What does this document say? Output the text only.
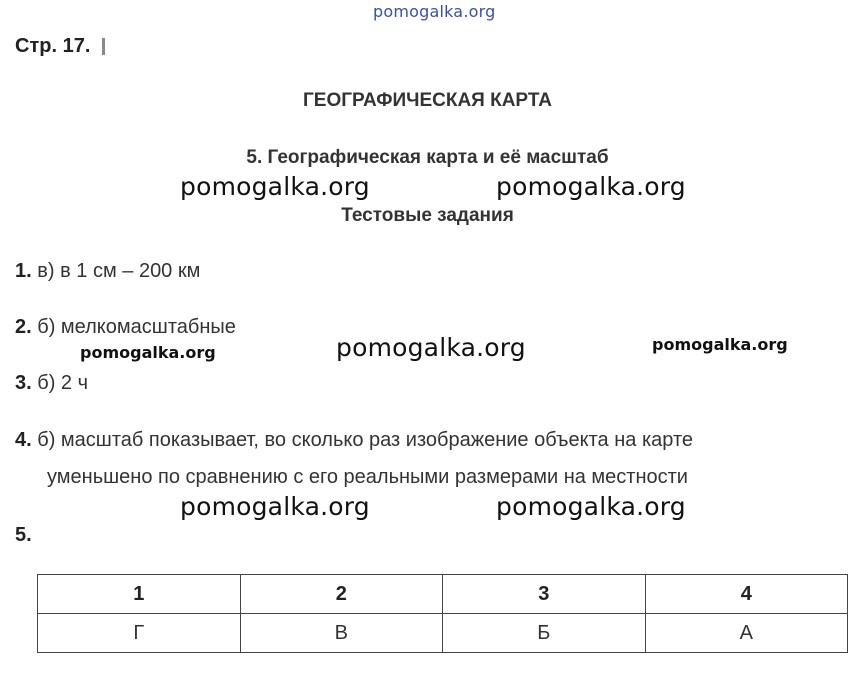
pomogalka.org
Стр. 17.
ГЕОГРАФИЧЕСКАЯ КАРТА
5. Географическая карта и её масштаб
pomogalka.org	pomogalka.org
Тестовые задания
1. в) в 1 см – 200 км
2. б) мелкомасштабные
pomogalka.org	pomogalka.org	pomogalka.org
3. б) 2 ч
4. б) масштаб показывает, во сколько раз изображение объекта на карте
уменьшено по сравнению с его реальными размерами на местности
pomogalka.org	pomogalka.org
5.
1	2	3	4
Г	В	Б	А
